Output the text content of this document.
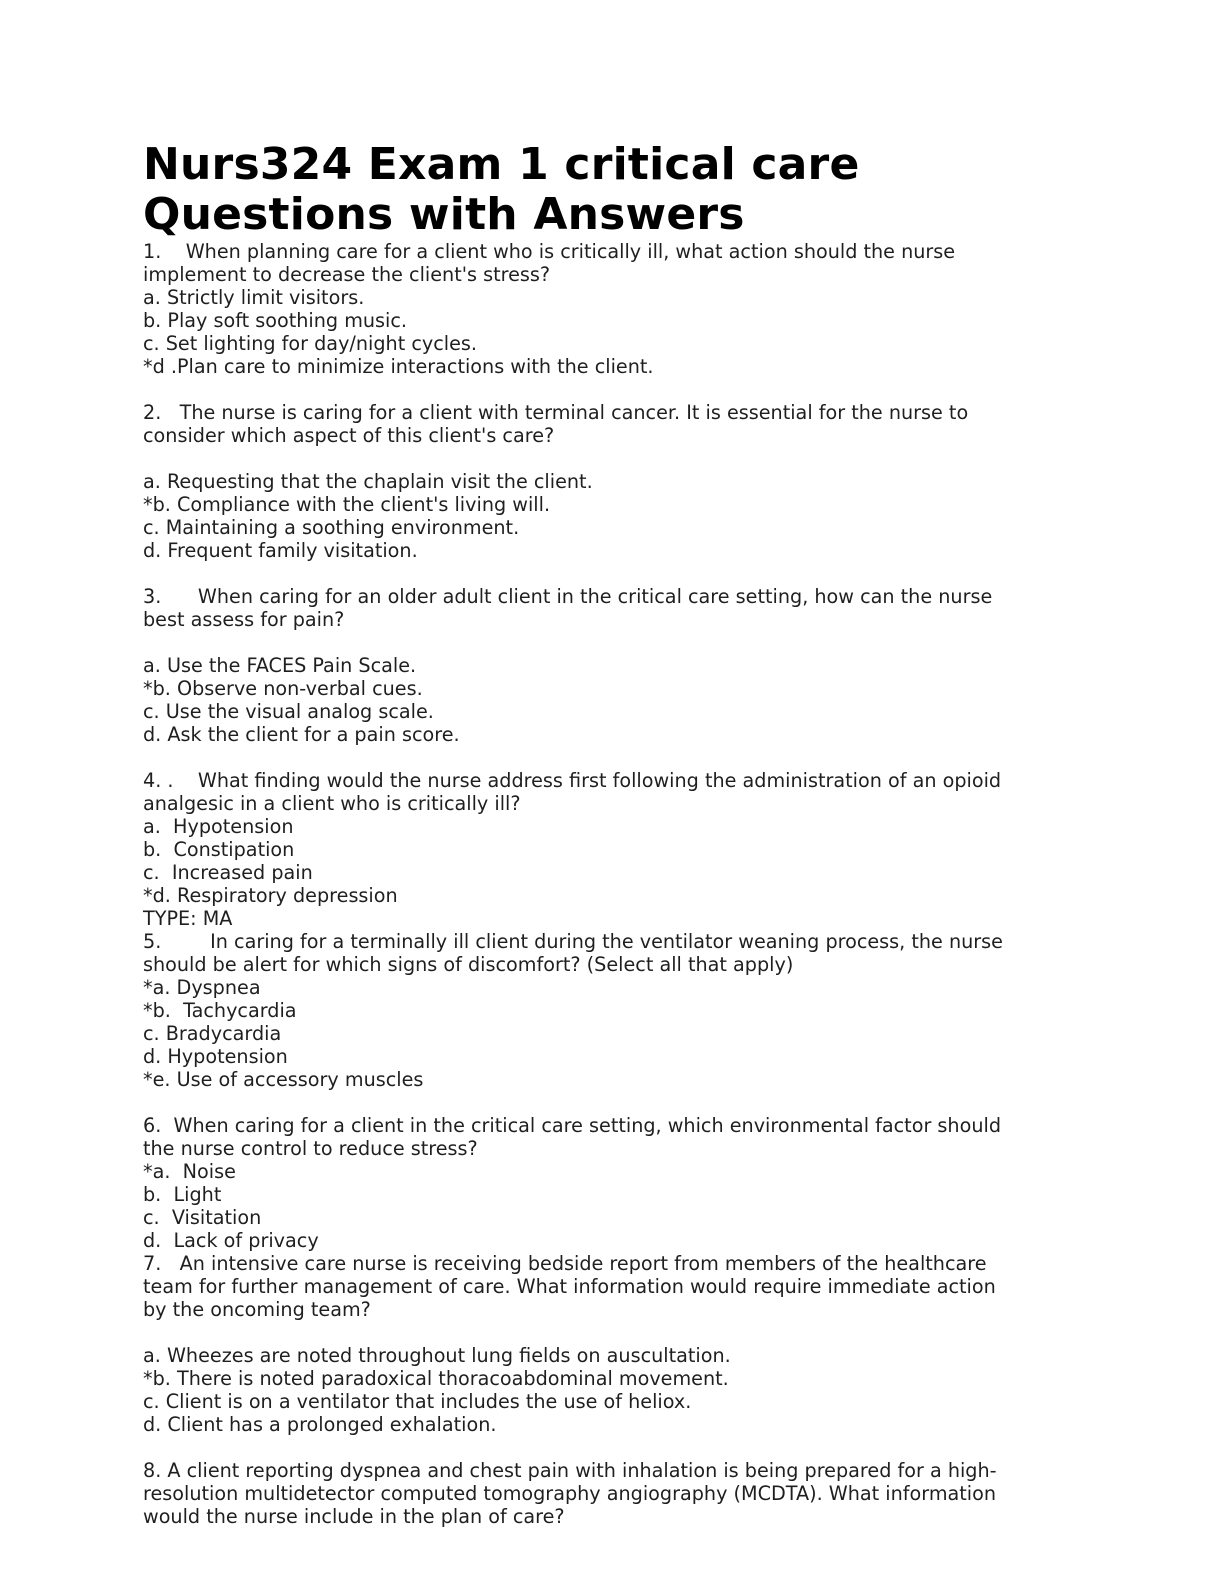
Nurs324 Exam 1 critical care
Questions with Answers
1.    When planning care for a client who is critically ill, what action should the nurse
implement to decrease the client's stress?
a. Strictly limit visitors.
b. Play soft soothing music.
c. Set lighting for day/night cycles.
*d .Plan care to minimize interactions with the client.
2.   The nurse is caring for a client with terminal cancer. It is essential for the nurse to
consider which aspect of this client's care?
a. Requesting that the chaplain visit the client.
*b. Compliance with the client's living will.
c. Maintaining a soothing environment.
d. Frequent family visitation.
3.      When caring for an older adult client in the critical care setting, how can the nurse
best assess for pain?
a. Use the FACES Pain Scale.
*b. Observe non-verbal cues.
c. Use the visual analog scale.
d. Ask the client for a pain score.
4. .    What finding would the nurse address first following the administration of an opioid
analgesic in a client who is critically ill?
a.  Hypotension
b.  Constipation
c.  Increased pain
*d. Respiratory depression
TYPE: MA
5.        In caring for a terminally ill client during the ventilator weaning process, the nurse
should be alert for which signs of discomfort? (Select all that apply)
*a. Dyspnea
*b.  Tachycardia
c. Bradycardia
d. Hypotension
*e. Use of accessory muscles
6.  When caring for a client in the critical care setting, which environmental factor should
the nurse control to reduce stress?
*a.  Noise
b.  Light
c.  Visitation
d.  Lack of privacy
7.   An intensive care nurse is receiving bedside report from members of the healthcare
team for further management of care. What information would require immediate action
by the oncoming team?
a. Wheezes are noted throughout lung fields on auscultation.
*b. There is noted paradoxical thoracoabdominal movement.
c. Client is on a ventilator that includes the use of heliox.
d. Client has a prolonged exhalation.
8. A client reporting dyspnea and chest pain with inhalation is being prepared for a high-
resolution multidetector computed tomography angiography (MCDTA). What information
would the nurse include in the plan of care?
